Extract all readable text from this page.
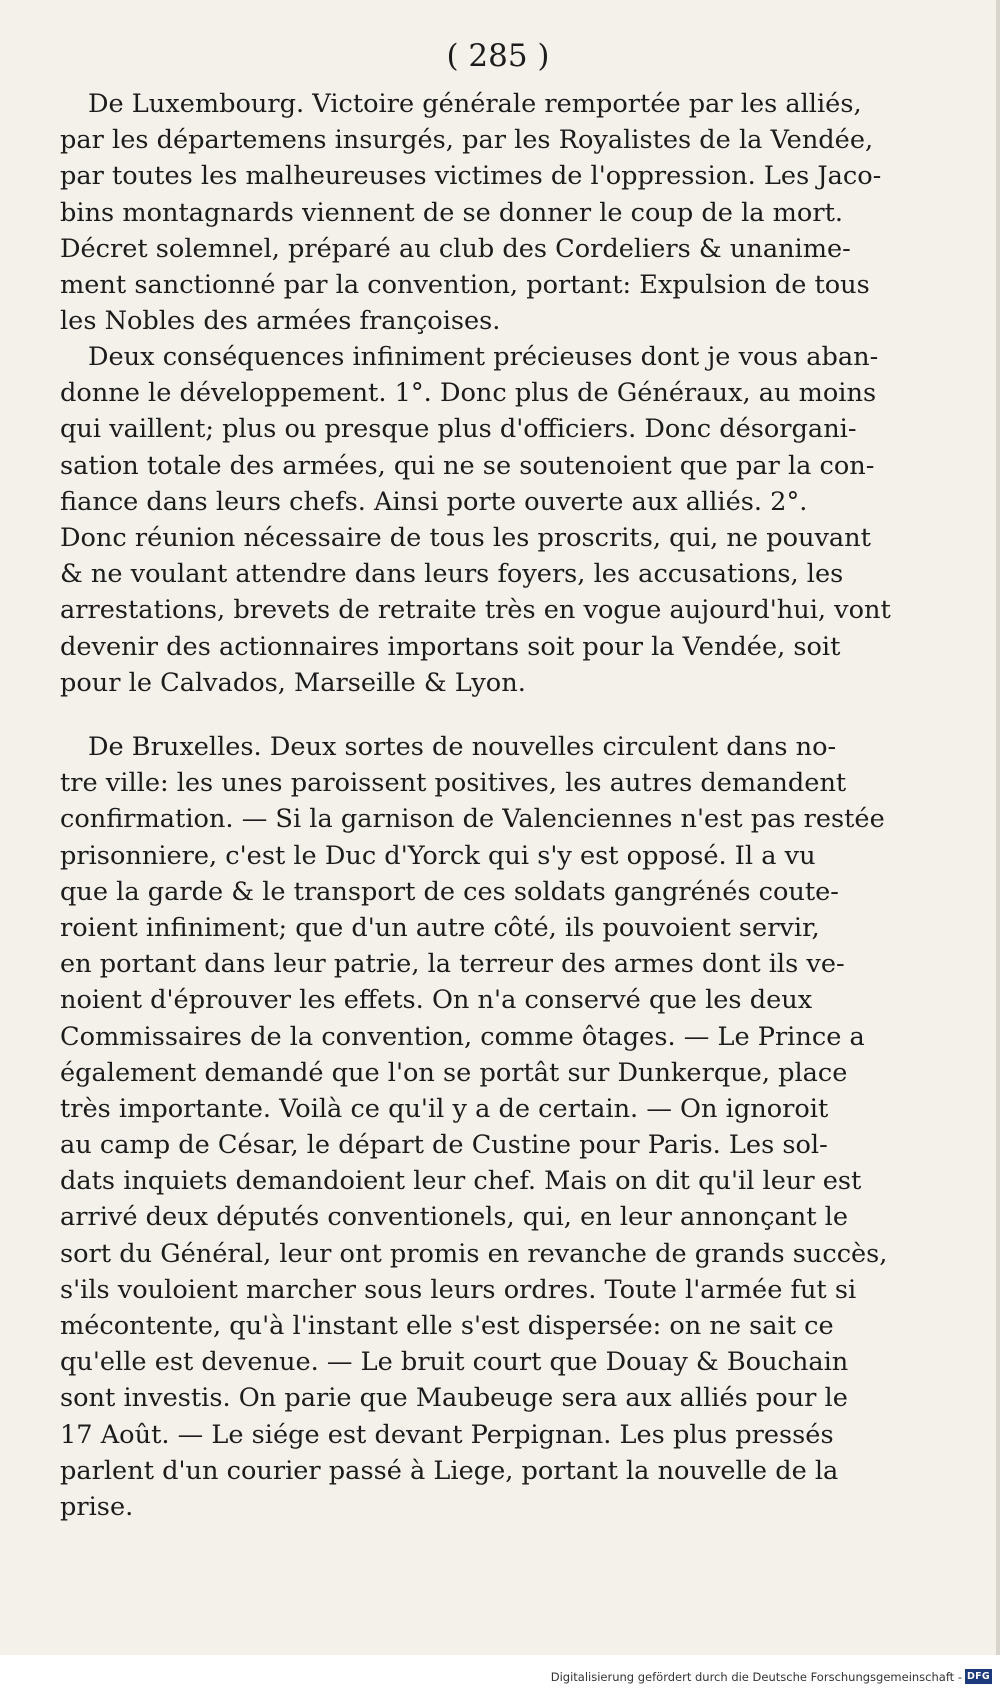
( 285 )

De Luxembourg. Victoire générale remportée par les alliés,
par les départemens insurgés, par les Royalistes de la Vendée,
par toutes les malheureuses victimes de l'oppression. Les Jaco-
bins montagnards viennent de se donner le coup de la mort.
Décret solemnel, préparé au club des Cordeliers & unanime-
ment sanctionné par la convention, portant: Expulsion de tous
les Nobles des armées françoises.
Deux conséquences infiniment précieuses dont je vous aban-
donne le développement. 1°. Donc plus de Généraux, au moins
qui vaillent; plus ou presque plus d'officiers. Donc désorgani-
sation totale des armées, qui ne se soutenoient que par la con-
fiance dans leurs chefs. Ainsi porte ouverte aux alliés. 2°.
Donc réunion nécessaire de tous les proscrits, qui, ne pouvant
& ne voulant attendre dans leurs foyers, les accusations, les
arrestations, brevets de retraite très en vogue aujourd'hui, vont
devenir des actionnaires importans soit pour la Vendée, soit
pour le Calvados, Marseille & Lyon.
De Bruxelles. Deux sortes de nouvelles circulent dans no-
tre ville: les unes paroissent positives, les autres demandent
confirmation. — Si la garnison de Valenciennes n'est pas restée
prisonniere, c'est le Duc d'Yorck qui s'y est opposé. Il a vu
que la garde & le transport de ces soldats gangrénés coute-
roient infiniment; que d'un autre côté, ils pouvoient servir,
en portant dans leur patrie, la terreur des armes dont ils ve-
noient d'éprouver les effets. On n'a conservé que les deux
Commissaires de la convention, comme ôtages. — Le Prince a
également demandé que l'on se portât sur Dunkerque, place
très importante. Voilà ce qu'il y a de certain. — On ignoroit
au camp de César, le départ de Custine pour Paris. Les sol-
dats inquiets demandoient leur chef. Mais on dit qu'il leur est
arrivé deux députés conventionels, qui, en leur annonçant le
sort du Général, leur ont promis en revanche de grands succès,
s'ils vouloient marcher sous leurs ordres. Toute l'armée fut si
mécontente, qu'à l'instant elle s'est dispersée: on ne sait ce
qu'elle est devenue. — Le bruit court que Douay & Bouchain
sont investis. On parie que Maubeuge sera aux alliés pour le
17 Août. — Le siége est devant Perpignan. Les plus pressés
parlent d'un courier passé à Liege, portant la nouvelle de la
prise.
Digitalisierung gefördert durch die Deutsche Forschungsgemeinschaft - DFG
